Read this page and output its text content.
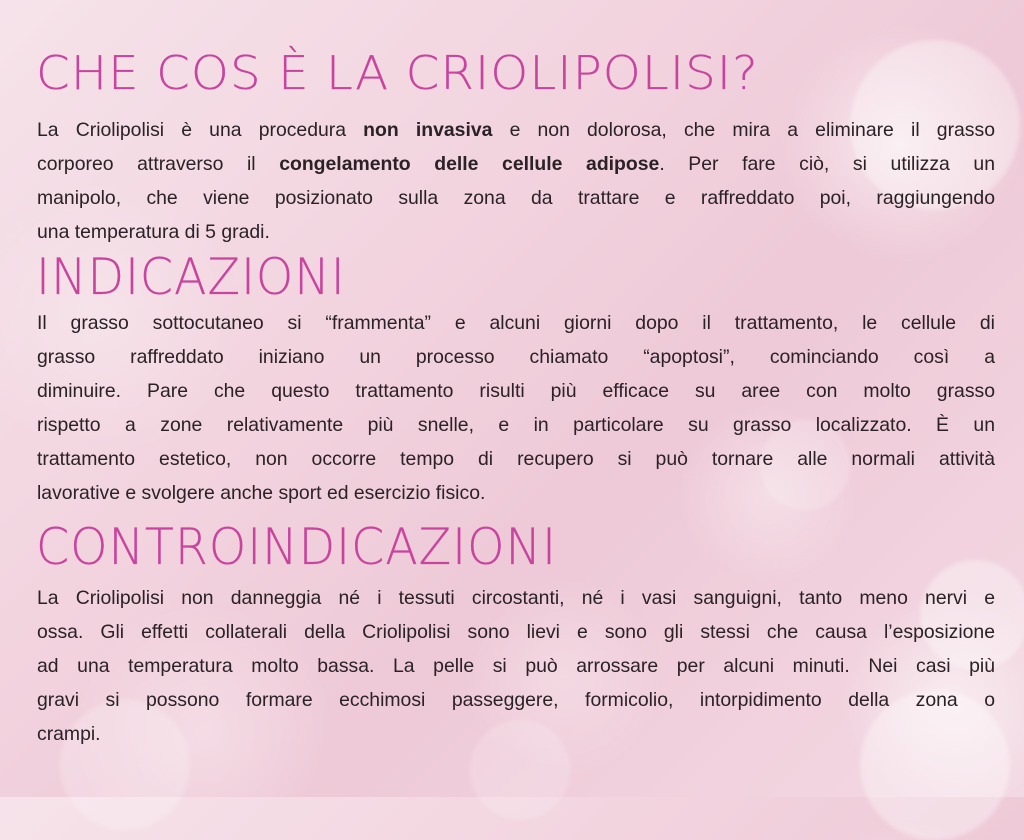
CHE COS È LA CRIOLIPOLISI?

La Criolipolisi è una procedura non invasiva e non dolorosa, che mira a eliminare il grasso
corporeo attraverso il congelamento delle cellule adipose. Per fare ciò, si utilizza un
manipolo, che viene posizionato sulla zona da trattare e raffreddato poi, raggiungendo
una temperatura di 5 gradi.

INDICAZIONI

Il grasso sottocutaneo si “frammenta” e alcuni giorni dopo il trattamento, le cellule di
grasso raffreddato iniziano un processo chiamato “apoptosi”, cominciando così a
diminuire. Pare che questo trattamento risulti più efficace su aree con molto grasso
rispetto a zone relativamente più snelle, e in particolare su grasso localizzato. È un
trattamento estetico, non occorre tempo di recupero si può tornare alle normali attività
lavorative e svolgere anche sport ed esercizio fisico.

CONTROINDICAZIONI

La Criolipolisi non danneggia né i tessuti circostanti, né i vasi sanguigni, tanto meno nervi e
ossa. Gli effetti collaterali della Criolipolisi sono lievi e sono gli stessi che causa l’esposizione
ad una temperatura molto bassa. La pelle si può arrossare per alcuni minuti. Nei casi più
gravi si possono formare ecchimosi passeggere, formicolio, intorpidimento della zona o
crampi.
